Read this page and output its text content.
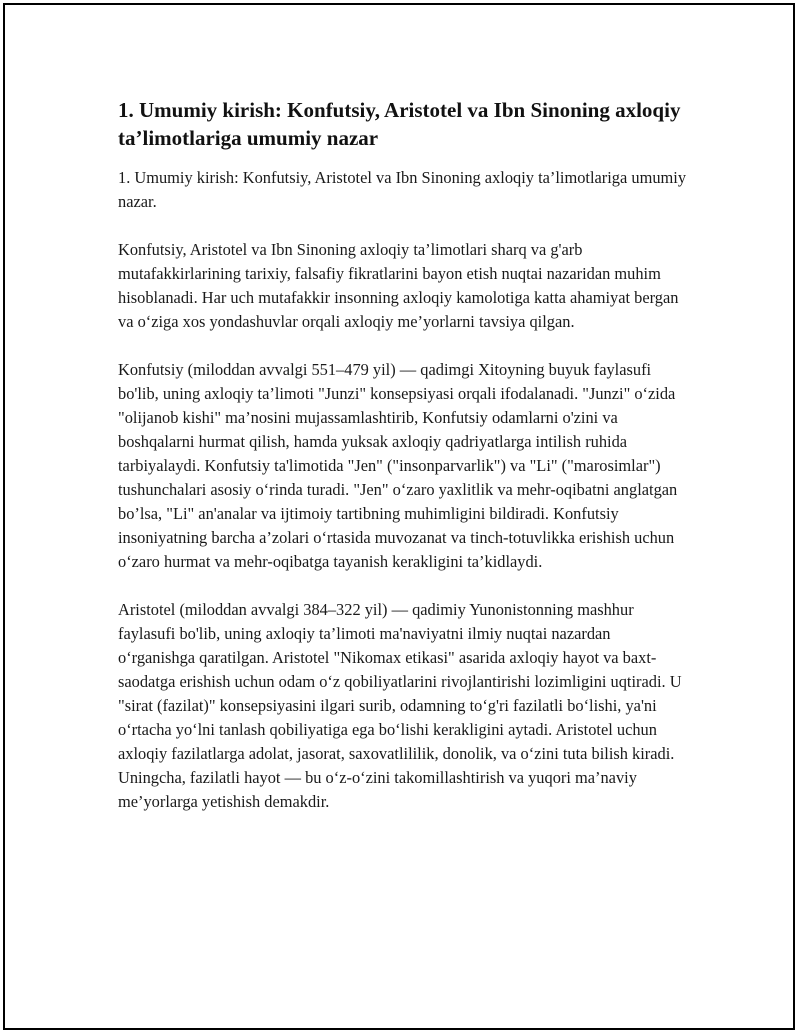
1. Umumiy kirish: Konfutsiy, Aristotel va Ibn Sinoning axloqiy ta’limotlariga umumiy nazar

1. Umumiy kirish: Konfutsiy, Aristotel va Ibn Sinoning axloqiy ta’limotlariga umumiy nazar.

Konfutsiy, Aristotel va Ibn Sinoning axloqiy ta’limotlari sharq va g'arb mutafakkirlarining tarixiy, falsafiy fikratlarini bayon etish nuqtai nazaridan muhim hisoblanadi. Har uch mutafakkir insonning axloqiy kamolotiga katta ahamiyat bergan va o‘ziga xos yondashuvlar orqali axloqiy me’yorlarni tavsiya qilgan.

Konfutsiy (miloddan avvalgi 551–479 yil) — qadimgi Xitoyning buyuk faylasufi bo'lib, uning axloqiy ta’limoti "Junzi" konsepsiyasi orqali ifodalanadi. "Junzi" o‘zida "olijanob kishi" ma’nosini mujassamlashtirib, Konfutsiy odamlarni o'zini va boshqalarni hurmat qilish, hamda yuksak axloqiy qadriyatlarga intilish ruhida tarbiyalaydi. Konfutsiy ta'limotida "Jen" ("insonparvarlik") va "Li" ("marosimlar") tushunchalari asosiy o‘rinda turadi. "Jen" o‘zaro yaxlitlik va mehr-oqibatni anglatgan bo’lsa, "Li" an'analar va ijtimoiy tartibning muhimligini bildiradi. Konfutsiy insoniyatning barcha a’zolari o‘rtasida muvozanat va tinch-totuvlikka erishish uchun o‘zaro hurmat va mehr-oqibatga tayanish kerakligini ta’kidlaydi.

Aristotel (miloddan avvalgi 384–322 yil) — qadimiy Yunonistonning mashhur faylasufi bo'lib, uning axloqiy ta’limoti ma'naviyatni ilmiy nuqtai nazardan o‘rganishga qaratilgan. Aristotel "Nikomax etikasi" asarida axloqiy hayot va baxt-saodatga erishish uchun odam o‘z qobiliyatlarini rivojlantirishi lozimligini uqtiradi. U "sirat (fazilat)" konsepsiyasini ilgari surib, odamning to‘g'ri fazilatli bo‘lishi, ya'ni o‘rtacha yo‘lni tanlash qobiliyatiga ega bo‘lishi kerakligini aytadi. Aristotel uchun axloqiy fazilatlarga adolat, jasorat, saxovatlililik, donolik, va o‘zini tuta bilish kiradi. Uningcha, fazilatli hayot — bu o‘z-o‘zini takomillashtirish va yuqori ma’naviy me’yorlarga yetishish demakdir.
